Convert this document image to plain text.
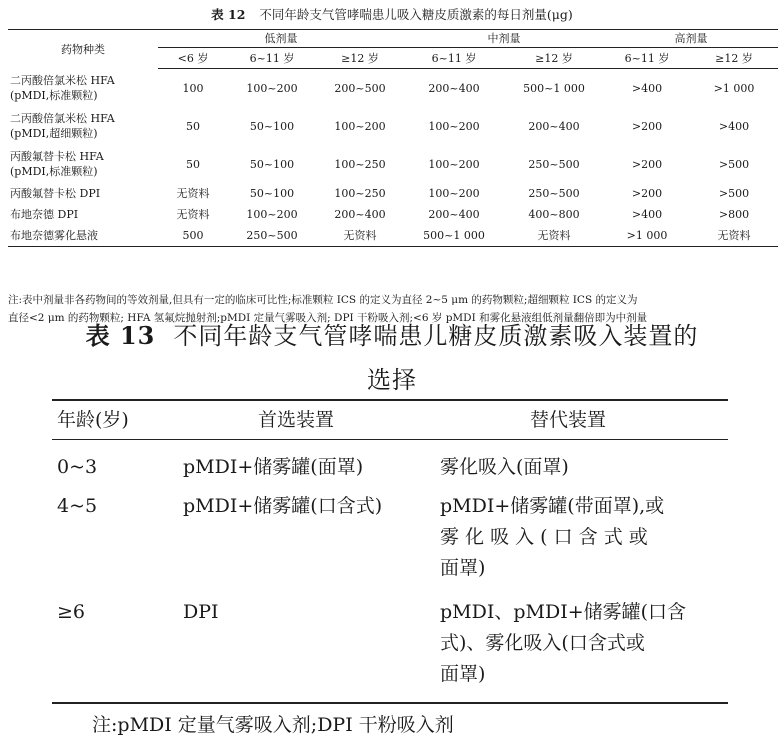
表 12 不同年龄支气管哮喘患儿吸入糖皮质激素的每日剂量(μg)
药物种类	低剂量			中剂量		高剂量	
	<6 岁	6~11 岁	≥12 岁	6~11 岁	≥12 岁	6~11 岁	≥12 岁
二丙酸倍氯米松 HFA
(pMDI,标准颗粒)	100	100~200	200~500	200~400	500~1 000	>400	>1 000
二丙酸倍氯米松 HFA
(pMDI,超细颗粒)	50	50~100	100~200	100~200	200~400	>200	>400
丙酸氟替卡松 HFA
(pMDI,标准颗粒)	50	50~100	100~250	100~200	250~500	>200	>500
丙酸氟替卡松 DPI	无资料	50~100	100~250	100~200	250~500	>200	>500
布地奈德 DPI	无资料	100~200	200~400	200~400	400~800	>400	>800
布地奈德雾化悬液	500	250~500	无资料	500~1 000	无资料	>1 000	无资料
注:表中剂量非各药物间的等效剂量,但具有一定的临床可比性;标准颗粒 ICS 的定义为直径 2~5 μm 的药物颗粒;超细颗粒 ICS 的定义为
直径<2 μm 的药物颗粒; HFA 氢氟烷抛射剂;pMDI 定量气雾吸入剂; DPI 干粉吸入剂;<6 岁 pMDI 和雾化悬液组低剂量翻倍即为中剂量
表 13 不同年龄支气管哮喘患儿糖皮质激素吸入装置的
选择
年龄(岁)	首选装置	替代装置
0~3	pMDI+储雾罐(面罩)	雾化吸入(面罩)
4~5	pMDI+储雾罐(口含式)	pMDI+储雾罐(带面罩),或
雾 化 吸 入 ( 口 含 式 或
面罩)
≥6	DPI	pMDI、pMDI+储雾罐(口含
式)、雾化吸入(口含式或
面罩)
注:pMDI 定量气雾吸入剂;DPI 干粉吸入剂
